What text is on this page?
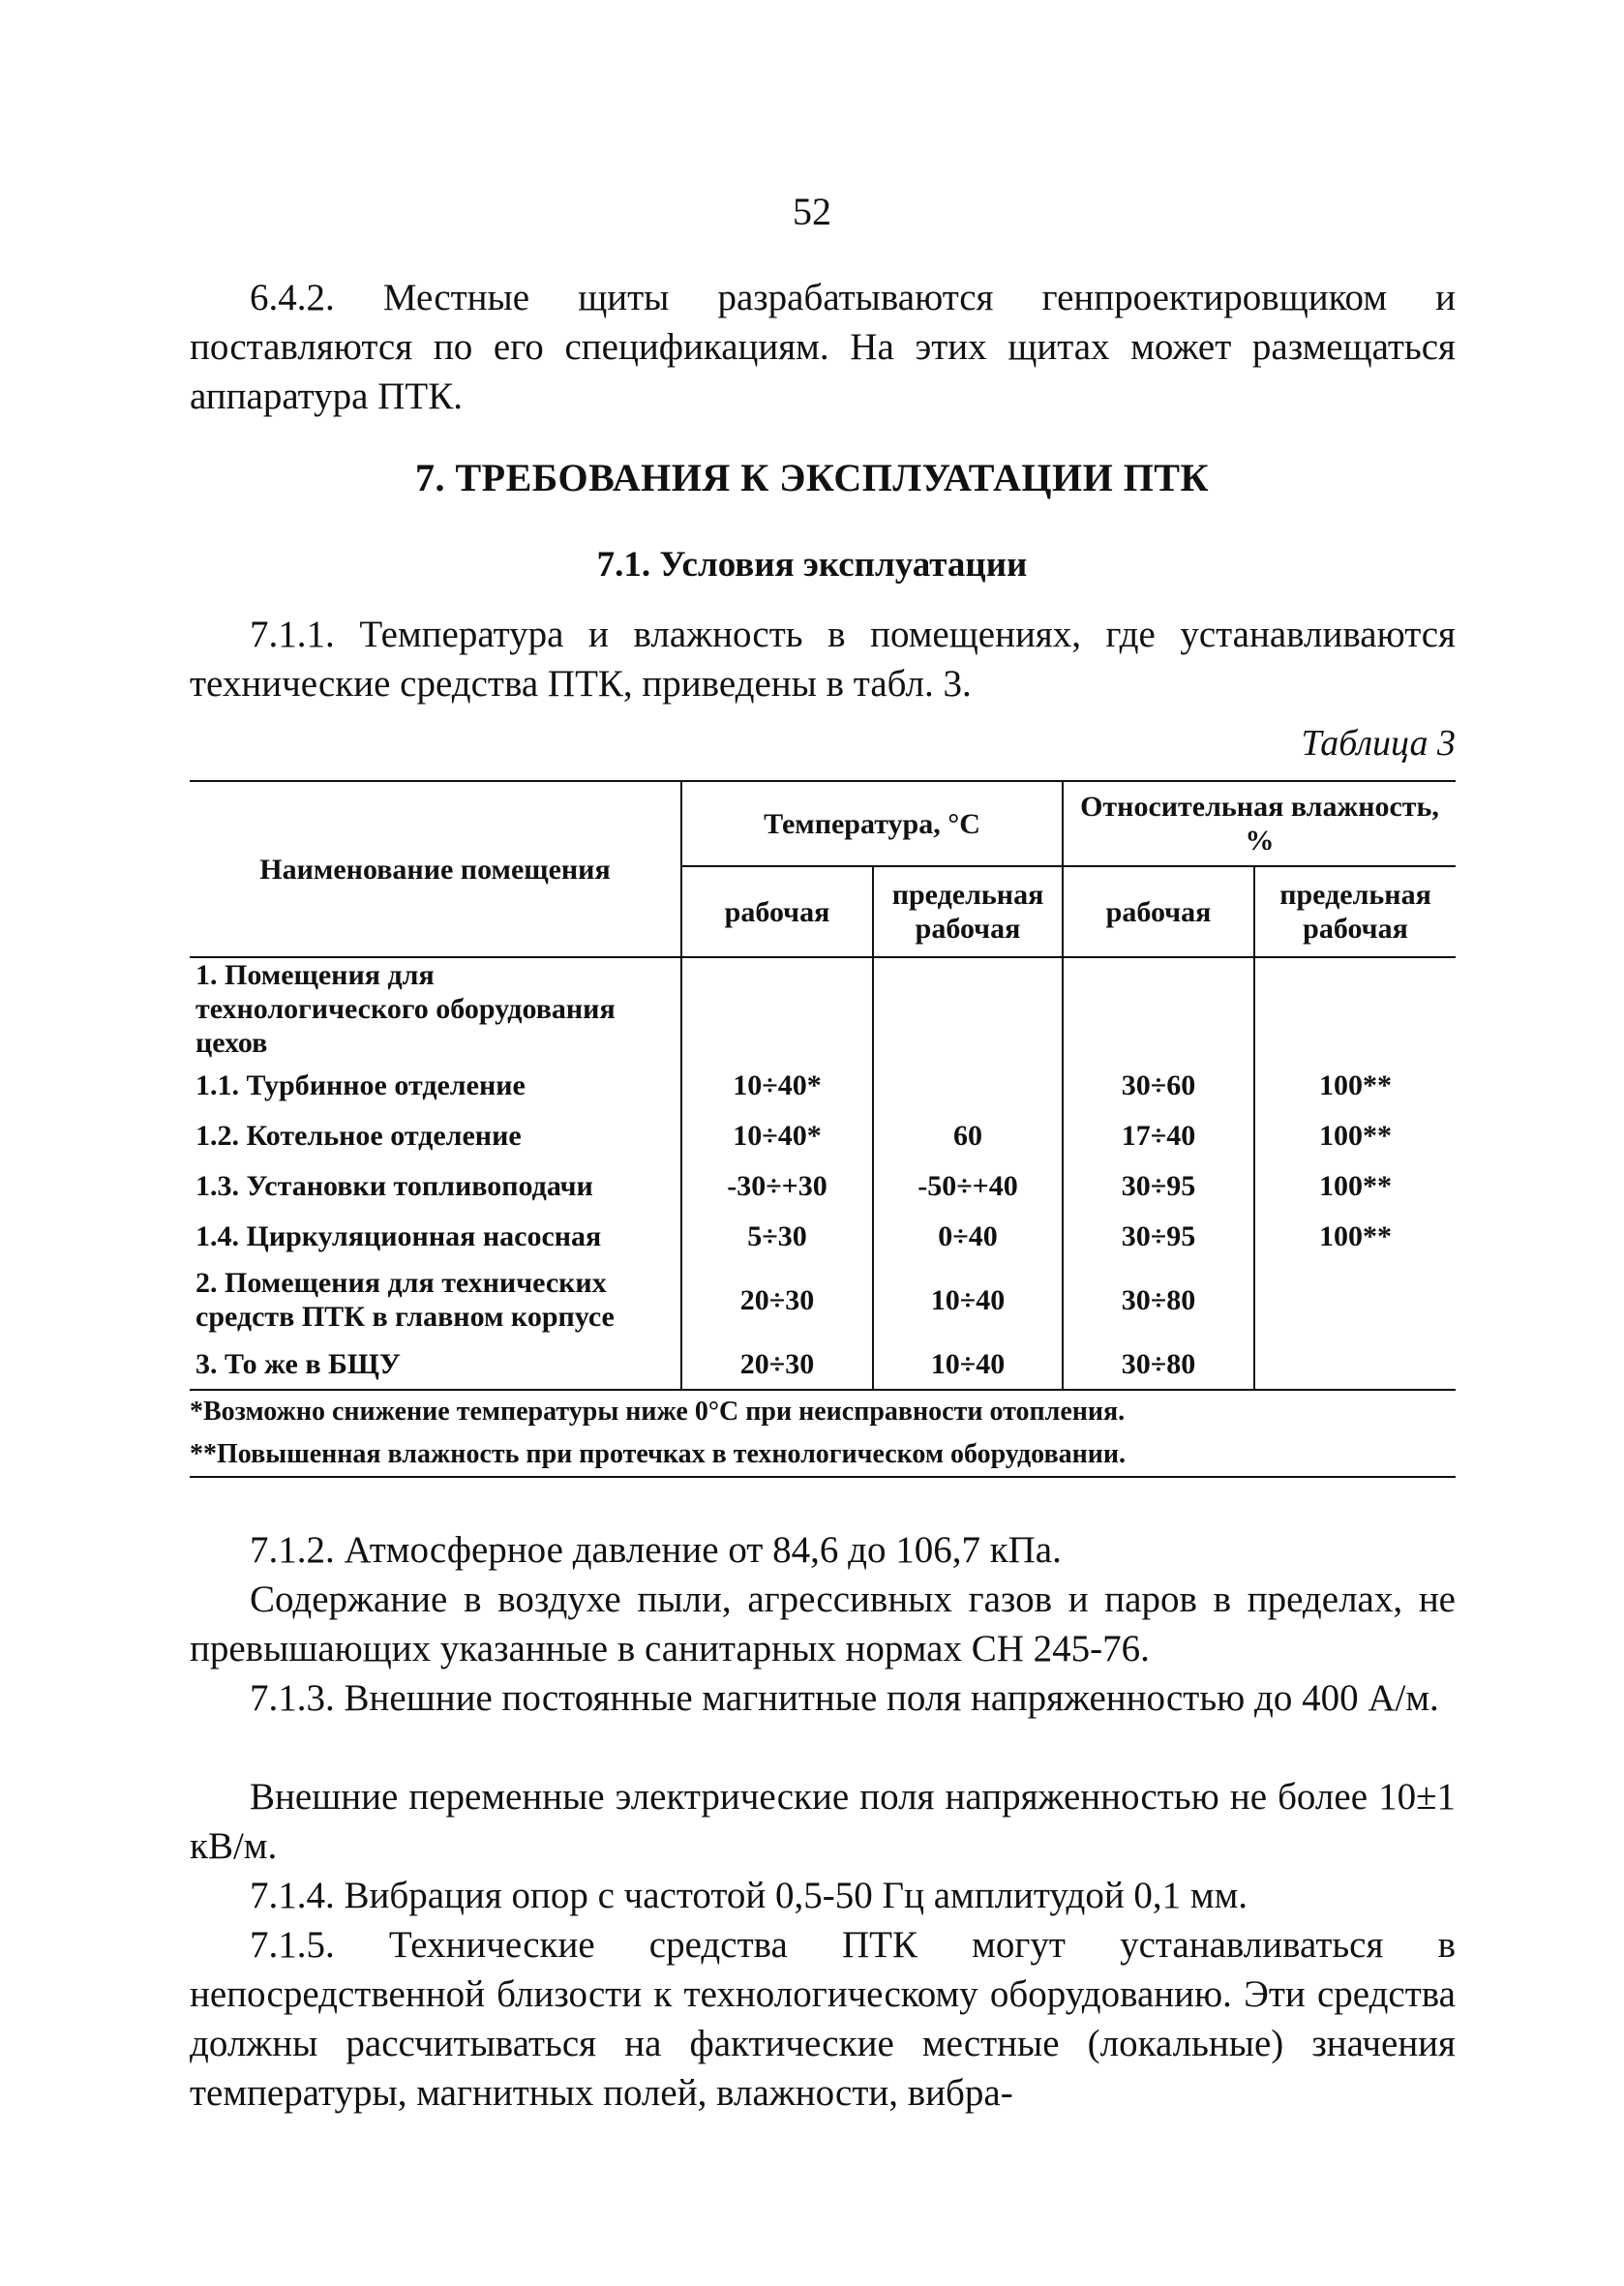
52

6.4.2. Местные щиты разрабатываются генпроектировщиком и поставляются по его спецификациям. На этих щитах может размещаться аппаратура ПТК.

7. ТРЕБОВАНИЯ К ЭКСПЛУАТАЦИИ ПТК
7.1. Условия эксплуатации

7.1.1. Температура и влажность в помещениях, где устанавливаются технические средства ПТК, приведены в табл. 3.

Таблица 3
Наименование помещения	Температура, °С		Относительная влажность, %	
	рабочая	предельная рабочая	рабочая	предельная рабочая
1. Помещения для технологического оборудования цехов				
1.1. Турбинное отделение	10÷40*		30÷60	100**
1.2. Котельное отделение	10÷40*	60	17÷40	100**
1.3. Установки топливоподачи	-30÷+30	-50÷+40	30÷95	100**
1.4. Циркуляционная насосная	5÷30	0÷40	30÷95	100**
2. Помещения для технических средств ПТК в главном корпусе	20÷30	10÷40	30÷80	
3. То же в БЩУ	20÷30	10÷40	30÷80	
*Возможно снижение температуры ниже 0°С при неисправности отопления.
**Повышенная влажность при протечках в технологическом оборудовании.

7.1.2. Атмосферное давление от 84,6 до 106,7 кПа.

Содержание в воздухе пыли, агрессивных газов и паров в пределах, не превышающих указанные в санитарных нормах СН 245-76.

7.1.3. Внешние постоянные магнитные поля напряженностью до 400 А/м.

Внешние переменные электрические поля напряженностью не более 10±1 кВ/м.

7.1.4. Вибрация опор с частотой 0,5-50 Гц амплитудой 0,1 мм.

7.1.5. Технические средства ПТК могут устанавливаться в непосредственной близости к технологическому оборудованию. Эти средства должны рассчитываться на фактические местные (локальные) значения температуры, магнитных полей, влажности, вибра-
